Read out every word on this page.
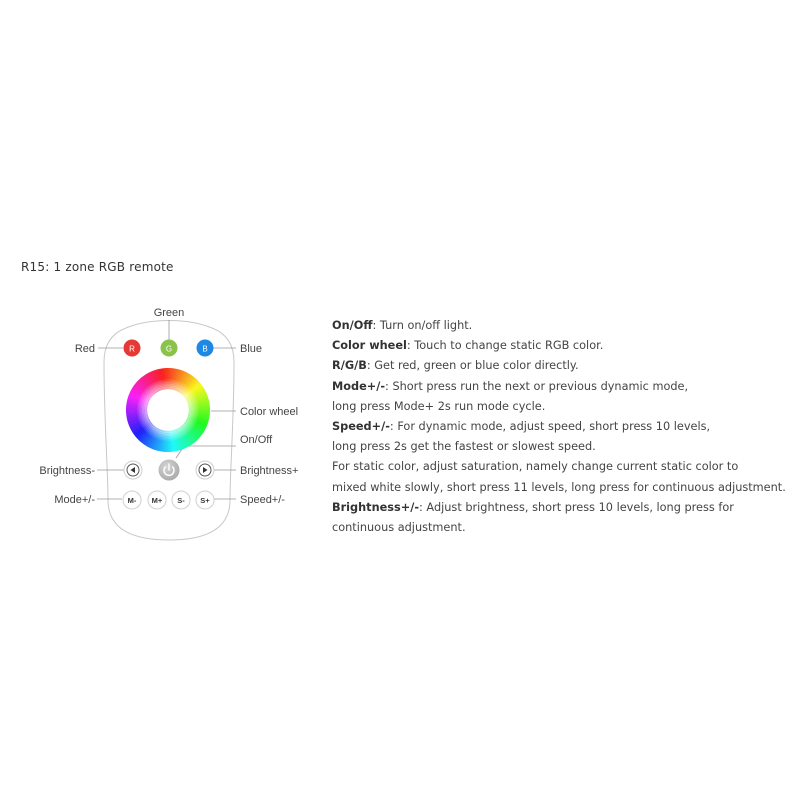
R15: 1 zone RGB remote
R	G	B
M- M+ S- S+
Green
Red	Blue
Color wheel
On/Off
Brightness-	Brightness+
Mode+/-	Speed+/-
On/Off: Turn on/off light.
Color wheel: Touch to change static RGB color.
R/G/B: Get red, green or blue color directly.
Mode+/-: Short press run the next or previous dynamic mode,
long press Mode+ 2s run mode cycle.
Speed+/-: For dynamic mode, adjust speed, short press 10 levels,
long press 2s get the fastest or slowest speed.
For static color, adjust saturation, namely change current static color to
mixed white slowly, short press 11 levels, long press for continuous adjustment.
Brightness+/-: Adjust brightness, short press 10 levels, long press for
continuous adjustment.
